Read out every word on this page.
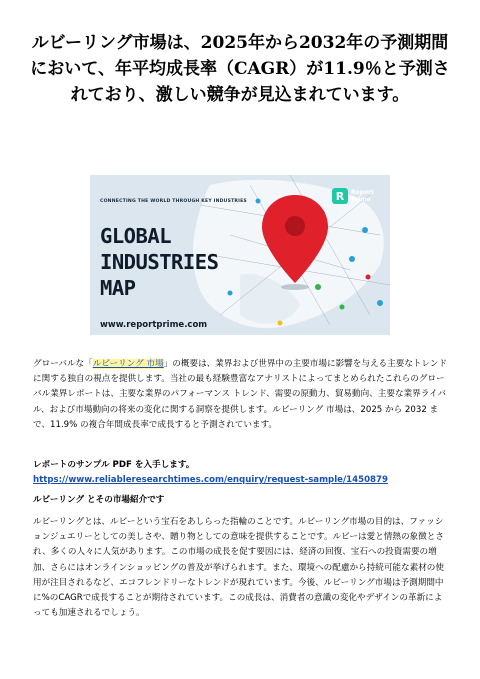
ルビーリング市場は、2025年から2032年の予測期間において、年平均成長率（CAGR）が11.9％と予測されており、激しい競争が見込まれています。
CONNECTING THE WORLD THROUGH KEY INDUSTRIES
GLOBAL
INDUSTRIES
MAP
www.reportprime.com
R	Report
Prime

グローバルな「ルビーリング 市場」の概要は、業界および世界中の主要市場に影響を与える主要なトレンドに関する独自の視点を提供します。当社の最も経験豊富なアナリストによってまとめられたこれらのグローバル業界レポートは、主要な業界のパフォーマンス トレンド、需要の原動力、貿易動向、主要な業界ライバル、および市場動向の将来の変化に関する洞察を提供します。ルビーリング 市場は、2025 から 2032 まで、11.9% の複合年間成長率で成長すると予測されています。

レポートのサンプル PDF を入手します。https://www.reliableresearchtimes.com/enquiry/request-sample/1450879

ルビーリング とその市場紹介です

ルビーリングとは、ルビーという宝石をあしらった指輪のことです。ルビーリング市場の目的は、ファッションジュエリーとしての美しさや、贈り物としての意味を提供することです。ルビーは愛と情熱の象徴とされ、多くの人々に人気があります。この市場の成長を促す要因には、経済の回復、宝石への投資需要の増加、さらにはオンラインショッピングの普及が挙げられます。また、環境への配慮から持続可能な素材の使用が注目されるなど、エコフレンドリーなトレンドが現れています。今後、ルビーリング市場は予測期間中に%のCAGRで成長することが期待されています。この成長は、消費者の意識の変化やデザインの革新によっても加速されるでしょう。
